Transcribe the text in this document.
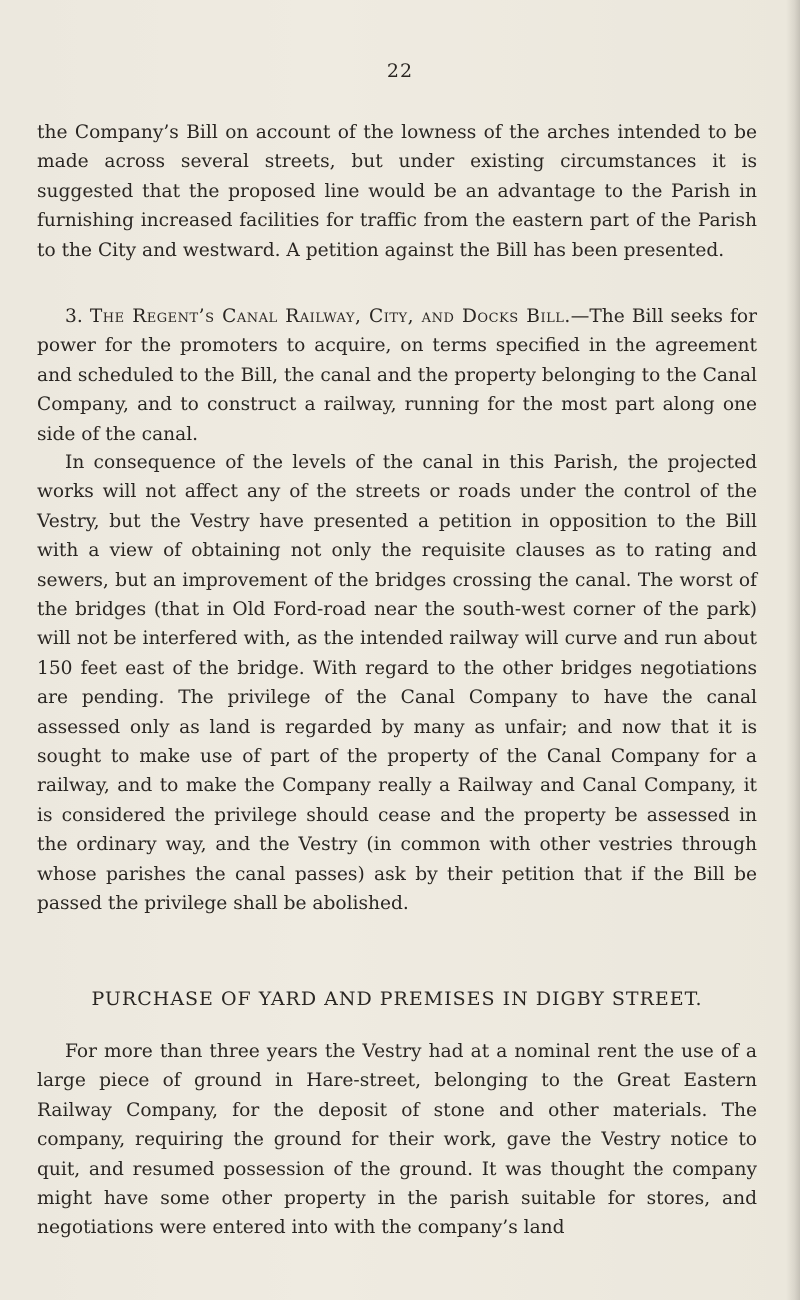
22

the Company’s Bill on account of the lowness of the arches intended to be made across several streets, but under existing circumstances it is suggested that the proposed line would be an advantage to the Parish in furnishing increased facilities for traffic from the eastern part of the Parish to the City and westward. A petition against the Bill has been presented.

3. The Regent’s Canal Railway, City, and Docks Bill.—The Bill seeks for power for the promoters to acquire, on terms specified in the agreement and scheduled to the Bill, the canal and the property belonging to the Canal Company, and to construct a railway, running for the most part along one side of the canal.

In consequence of the levels of the canal in this Parish, the projected works will not affect any of the streets or roads under the control of the Vestry, but the Vestry have presented a petition in opposition to the Bill with a view of obtaining not only the requisite clauses as to rating and sewers, but an improvement of the bridges crossing the canal. The worst of the bridges (that in Old Ford-road near the south-west corner of the park) will not be interfered with, as the intended railway will curve and run about 150 feet east of the bridge. With regard to the other bridges negotiations are pending. The privilege of the Canal Company to have the canal assessed only as land is regarded by many as unfair; and now that it is sought to make use of part of the property of the Canal Company for a railway, and to make the Company really a Railway and Canal Company, it is considered the privilege should cease and the property be assessed in the ordinary way, and the Vestry (in common with other vestries through whose parishes the canal passes) ask by their petition that if the Bill be passed the privilege shall be abolished.

PURCHASE OF YARD AND PREMISES IN DIGBY STREET.

For more than three years the Vestry had at a nominal rent the use of a large piece of ground in Hare-street, belonging to the Great Eastern Railway Company, for the deposit of stone and other materials. The company, requiring the ground for their work, gave the Vestry notice to quit, and resumed possession of the ground. It was thought the company might have some other property in the parish suitable for stores, and negotiations were entered into with the company’s land
